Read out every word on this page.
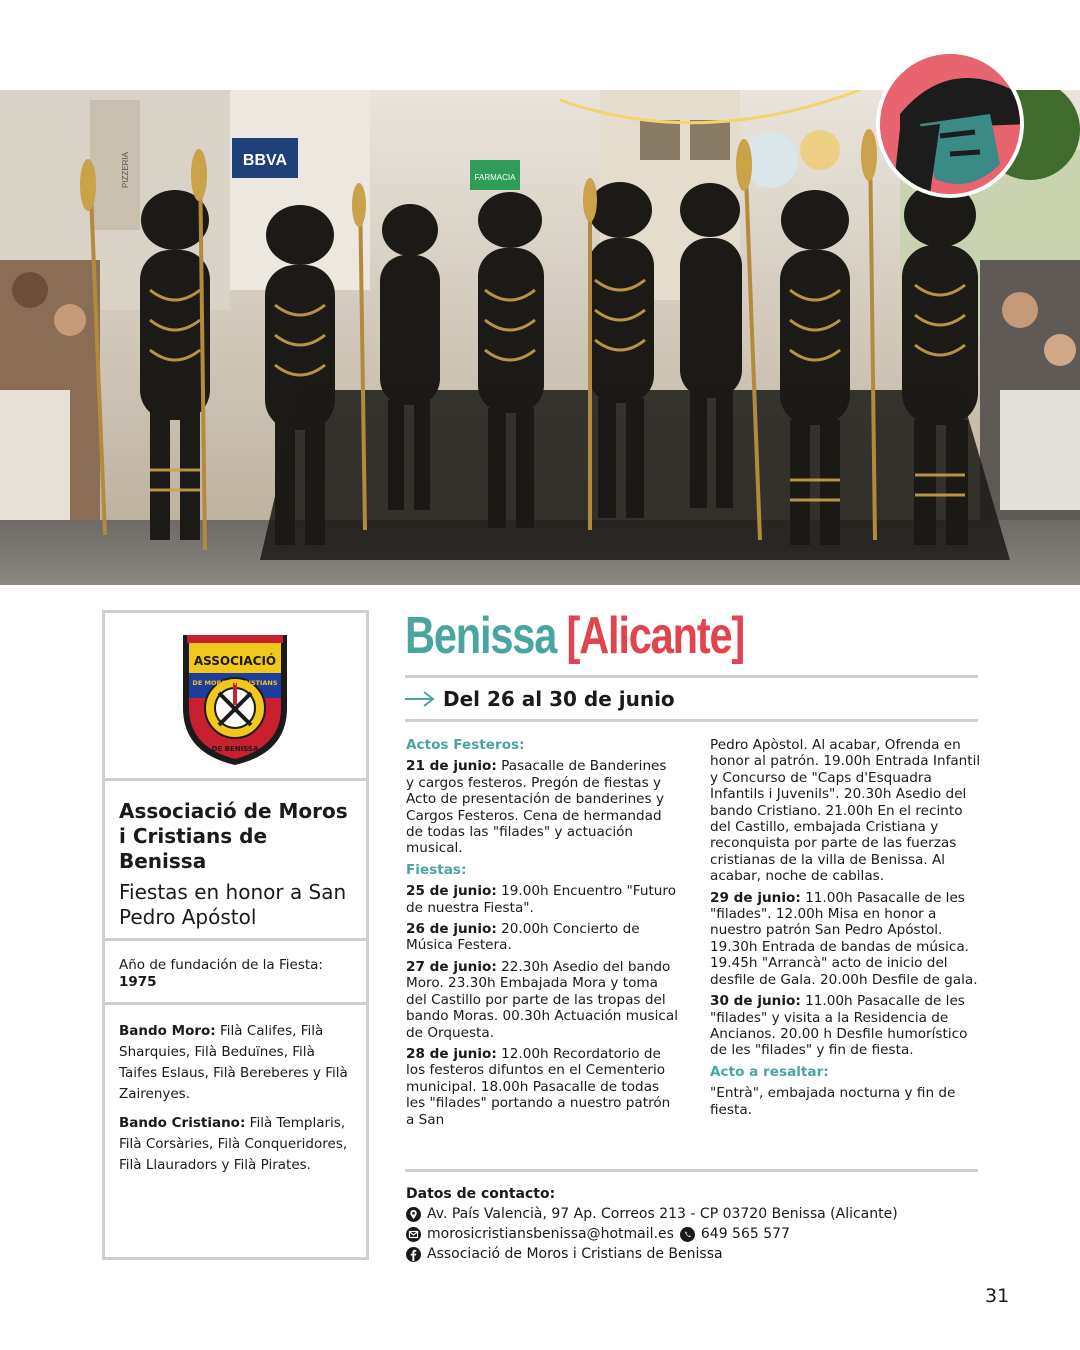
BBVA
FARMACIA
PIZZERIA
ASSOCIACIÓ
DE MOROS I CRISTIANS
DE BENISSA
Associació de Moros i Cristians de Benissa
Fiestas en honor a San Pedro Apóstol
Año de fundación de la Fiesta: 1975

Bando Moro: Filà Califes, Filà Sharquies, Filà Beduïnes, Filà Taifes Eslaus, Filà Bereberes y Filà Zairenyes.

Bando Cristiano: Filà Templaris, Filà Corsàries, Filà Conqueridores, Filà Llauradors y Filà Pirates.

Benissa [Alicante]
Del 26 al 30 de junio
Actos Festeros:

21 de junio: Pasacalle de Banderines y cargos festeros. Pregón de fiestas y Acto de presentación de banderines y Cargos Festeros. Cena de hermandad de todas las "filades" y actuación musical.

Fiestas:

25 de junio: 19.00h Encuentro "Futuro de nuestra Fiesta".

26 de junio: 20.00h Concierto de Música Festera.

27 de junio: 22.30h Asedio del bando Moro. 23.30h Embajada Mora y toma del Castillo por parte de las tropas del bando Moras. 00.30h Actuación musical de Orquesta.

28 de junio: 12.00h Recordatorio de los festeros difuntos en el Cementerio municipal. 18.00h Pasacalle de todas les "filades" portando a nuestro patrón a San

Pedro Apòstol. Al acabar, Ofrenda en honor al patrón. 19.00h Entrada Infantil y Concurso de "Caps d'Esquadra Infantils i Juvenils". 20.30h Asedio del bando Cristiano. 21.00h En el recinto del Castillo, embajada Cristiana y reconquista por parte de las fuerzas cristianas de la villa de Benissa. Al acabar, noche de cabilas.

29 de junio: 11.00h Pasacalle de les "filades". 12.00h Misa en honor a nuestro patrón San Pedro Apóstol. 19.30h Entrada de bandas de música. 19.45h "Arrancà" acto de inicio del desfile de Gala. 20.00h Desfile de gala.

30 de junio: 11.00h Pasacalle de les "filades" y visita a la Residencia de Ancianos. 20.00 h Desfile humorístico de les "filades" y fin de fiesta.

Acto a resaltar:

"Entrà", embajada nocturna y fin de fiesta.

Datos de contacto:
Av. País Valencià, 97 Ap. Correos 213 - CP 03720 Benissa (Alicante)
morosicristiansbenissa@hotmail.es 649 565 577
Associació de Moros i Cristians de Benissa
31
